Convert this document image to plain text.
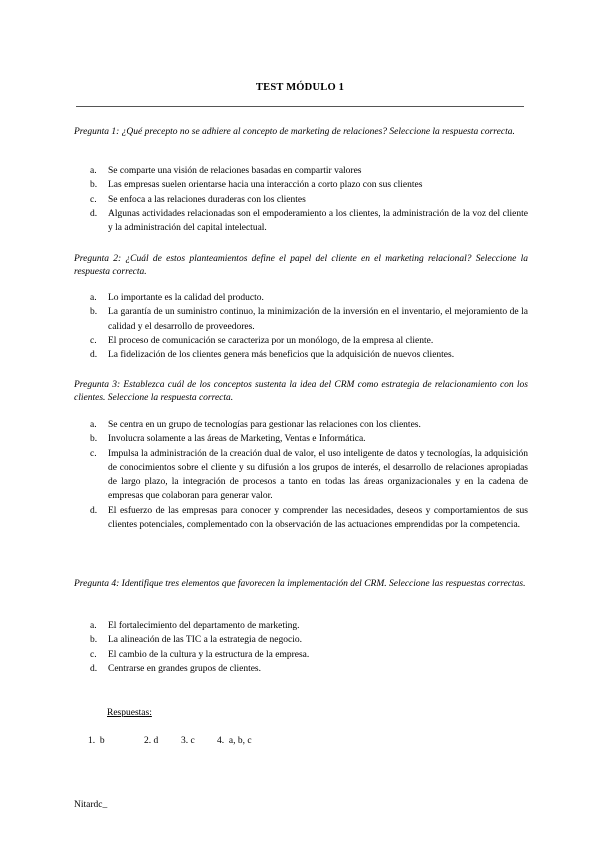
TEST MÓDULO 1

Pregunta 1: ¿Qué precepto no se adhiere al concepto de marketing de relaciones? Seleccione la respuesta correcta.

a. Se comparte una visión de relaciones basadas en compartir valores
b. Las empresas suelen orientarse hacia una interacción a corto plazo con sus clientes
c. Se enfoca a las relaciones duraderas con los clientes
d. Algunas actividades relacionadas son el empoderamiento a los clientes, la administración de la voz del cliente y la administración del capital intelectual.

Pregunta 2: ¿Cuál de estos planteamientos define el papel del cliente en el marketing relacional? Seleccione la respuesta correcta.

a. Lo importante es la calidad del producto.
b. La garantía de un suministro continuo, la minimización de la inversión en el inventario, el mejoramiento de la calidad y el desarrollo de proveedores.
c. El proceso de comunicación se caracteriza por un monólogo, de la empresa al cliente.
d. La fidelización de los clientes genera más beneficios que la adquisición de nuevos clientes.

Pregunta 3: Establezca cuál de los conceptos sustenta la idea del CRM como estrategia de relacionamiento con los clientes. Seleccione la respuesta correcta.

a. Se centra en un grupo de tecnologías para gestionar las relaciones con los clientes.
b. Involucra solamente a las áreas de Marketing, Ventas e Informática.
c. Impulsa la administración de la creación dual de valor, el uso inteligente de datos y tecnologías, la adquisición de conocimientos sobre el cliente y su difusión a los grupos de interés, el desarrollo de relaciones apropiadas de largo plazo, la integración de procesos a tanto en todas las áreas organizacionales y en la cadena de empresas que colaboran para generar valor.
d. El esfuerzo de las empresas para conocer y comprender las necesidades, deseos y comportamientos de sus clientes potenciales, complementado con la observación de las actuaciones emprendidas por la competencia.

Pregunta 4: Identifique tres elementos que favorecen la implementación del CRM. Seleccione las respuestas correctas.

a. El fortalecimiento del departamento de marketing.
b. La alineación de las TIC a la estrategia de negocio.
c. El cambio de la cultura y la estructura de la empresa.
d. Centrarse en grandes grupos de clientes.
Respuestas:
1.  b	2. d 3. c 4.  a, b, c
Nitardc_
